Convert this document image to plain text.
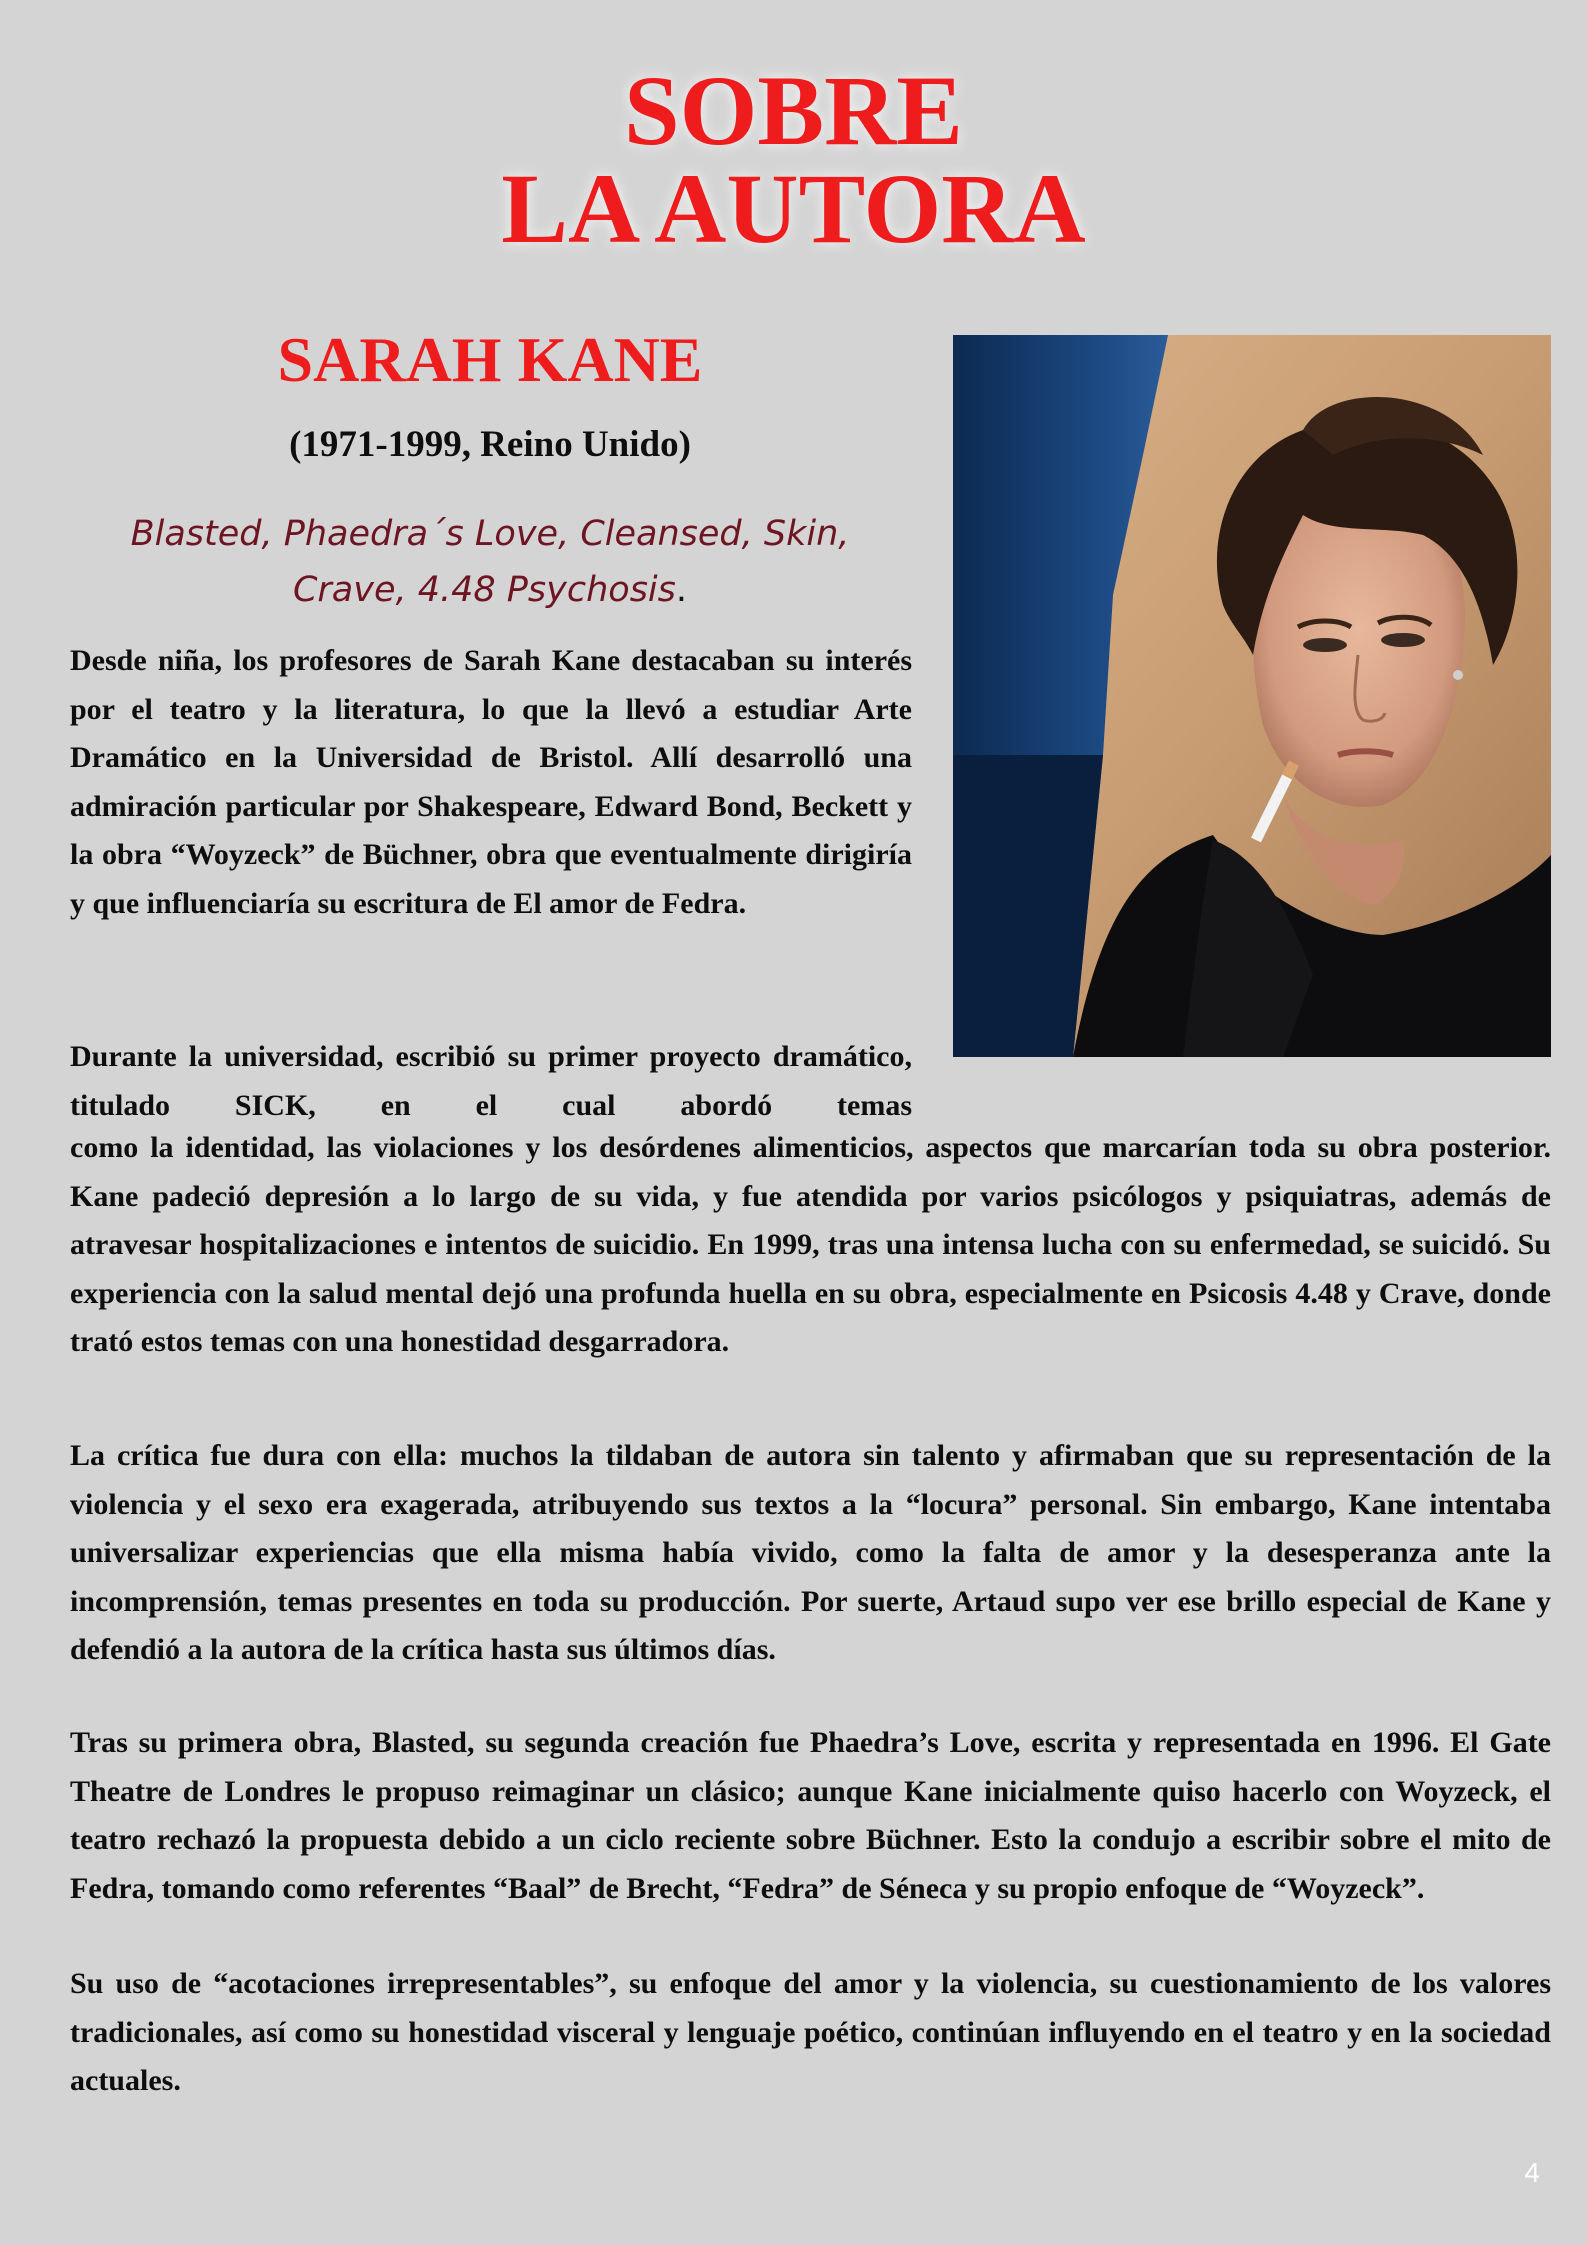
SOBRE
LA AUTORA
SARAH KANE
(1971-1999, Reino Unido)
Blasted, Phaedra´s Love, Cleansed, Skin,
Crave, 4.48 Psychosis.

Desde niña, los profesores de Sarah Kane destacaban su interés por el teatro y la literatura, lo que la llevó a estudiar Arte Dramático en la Universidad de Bristol. Allí desarrolló una admiración particular por Shakespeare, Edward Bond, Beckett y la obra “Woyzeck” de Büchner, obra que eventualmente dirigiría y que influenciaría su escritura de El amor de Fedra.

Durante la universidad, escribió su primer proyecto dramático, titulado SICK, en el cual abordó temas

como la identidad, las violaciones y los desórdenes alimenticios, aspectos que marcarían toda su obra posterior. Kane padeció depresión a lo largo de su vida, y fue atendida por varios psicólogos y psiquiatras, además de atravesar hospitalizaciones e intentos de suicidio. En 1999, tras una intensa lucha con su enfermedad, se suicidó. Su experiencia con la salud mental dejó una profunda huella en su obra, especialmente en Psicosis 4.48 y Crave, donde trató estos temas con una honestidad desgarradora.

La crítica fue dura con ella: muchos la tildaban de autora sin talento y afirmaban que su representación de la violencia y el sexo era exagerada, atribuyendo sus textos a la “locura” personal. Sin embargo, Kane intentaba universalizar experiencias que ella misma había vivido, como la falta de amor y la desesperanza ante la incomprensión, temas presentes en toda su producción. Por suerte, Artaud supo ver ese brillo especial de Kane y defendió a la autora de la crítica hasta sus últimos días.

Tras su primera obra, Blasted, su segunda creación fue Phaedra’s Love, escrita y representada en 1996. El Gate Theatre de Londres le propuso reimaginar un clásico; aunque Kane inicialmente quiso hacerlo con Woyzeck, el teatro rechazó la propuesta debido a un ciclo reciente sobre Büchner. Esto la condujo a escribir sobre el mito de Fedra, tomando como referentes “Baal” de Brecht, “Fedra” de Séneca y su propio enfoque de “Woyzeck”.

Su uso de “acotaciones irrepresentables”, su enfoque del amor y la violencia, su cuestionamiento de los valores tradicionales, así como su honestidad visceral y lenguaje poético, continúan influyendo en el teatro y en la sociedad actuales.

4
